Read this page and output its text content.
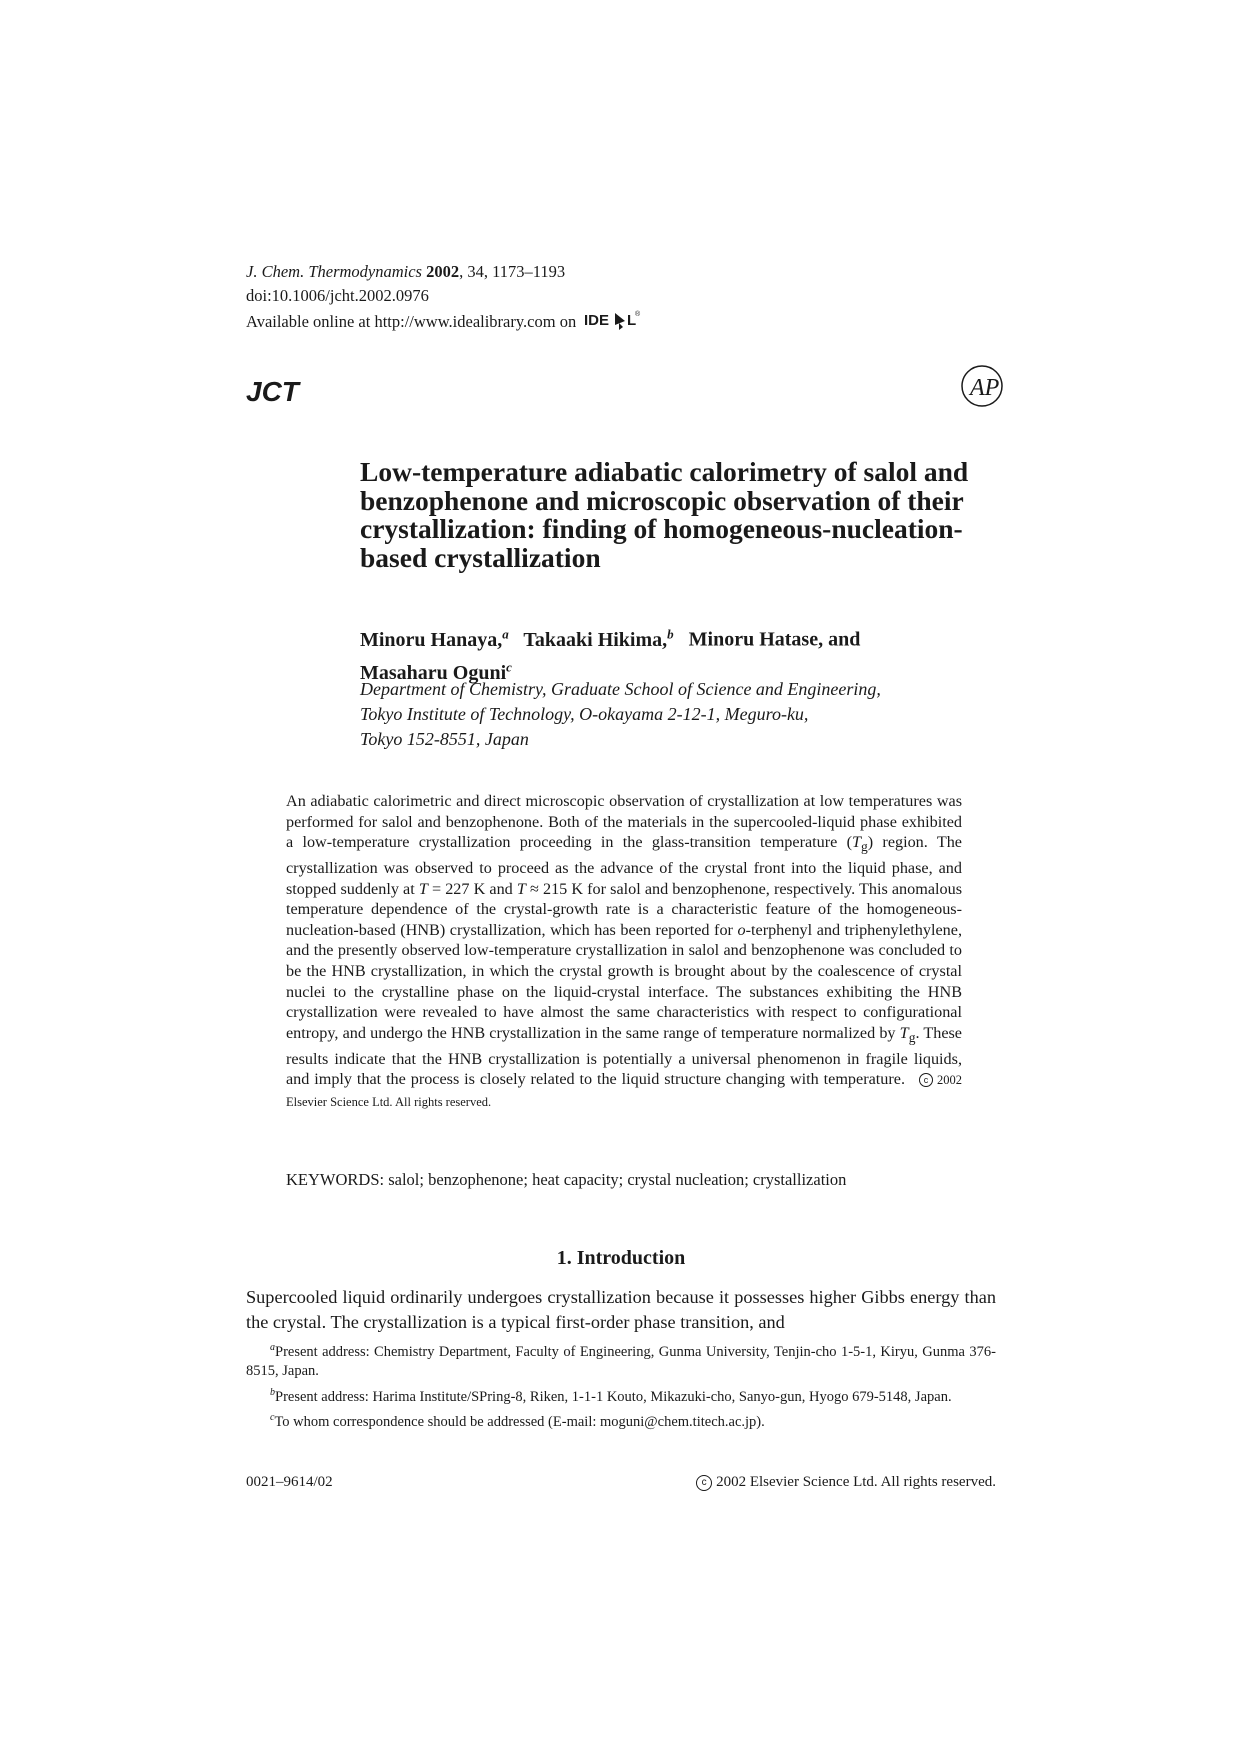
J. Chem. Thermodynamics 2002, 34, 1173–1193
doi:10.1006/jcht.2002.0976
Available online at http://www.idealibrary.com on IDE L
®
JCT	AP
Low-temperature adiabatic calorimetry of salol and benzophenone and microscopic observation of their crystallization: finding of homogeneous-nucleation-based crystallization
Minoru Hanaya,$^a$ Takaaki Hikima,$^b$ Minoru Hatase, and
Masaharu Oguni$^c$
Department of Chemistry, Graduate School of Science and Engineering,
Tokyo Institute of Technology, O-okayama 2-12-1, Meguro-ku,
Tokyo 152-8551, Japan
An adiabatic calorimetric and direct microscopic observation of crystallization at low temperatures was performed for salol and benzophenone. Both of the materials in the supercooled-liquid phase exhibited a low-temperature crystallization proceeding in the glass-transition temperature $(T_g)$ region. The crystallization was observed to proceed as the advance of the crystal front into the liquid phase, and stopped suddenly at T = 227 K and T ≈ 215 K for salol and benzophenone, respectively. This anomalous temperature dependence of the crystal-growth rate is a characteristic feature of the homogeneous-nucleation-based (HNB) crystallization, which has been reported for o-terphenyl and triphenylethylene, and the presently observed low-temperature crystallization in salol and benzophenone was concluded to be the HNB crystallization, in which the crystal growth is brought about by the coalescence of crystal nuclei to the crystalline phase on the liquid-crystal interface. The substances exhibiting the HNB crystallization were revealed to have almost the same characteristics with respect to configurational entropy, and undergo the HNB crystallization in the same range of temperature normalized by $T_g$. These results indicate that the HNB crystallization is potentially a universal phenomenon in fragile liquids, and imply that the process is closely related to the liquid structure changing with temperature. c 2002 Elsevier Science Ltd. All rights reserved.
KEYWORDS: salol; benzophenone; heat capacity; crystal nucleation; crystallization
1. Introduction
Supercooled liquid ordinarily undergoes crystallization because it possesses higher Gibbs energy than the crystal. The crystallization is a typical first-order phase transition, and

$^a$Present address: Chemistry Department, Faculty of Engineering, Gunma University, Tenjin-cho 1-5-1, Kiryu, Gunma 376-8515, Japan.

$^b$Present address: Harima Institute/SPring-8, Riken, 1-1-1 Kouto, Mikazuki-cho, Sanyo-gun, Hyogo 679-5148, Japan.

$^c$To whom correspondence should be addressed (E-mail: moguni@chem.titech.ac.jp).

0021–9614/02	c 2002 Elsevier Science Ltd. All rights reserved.
